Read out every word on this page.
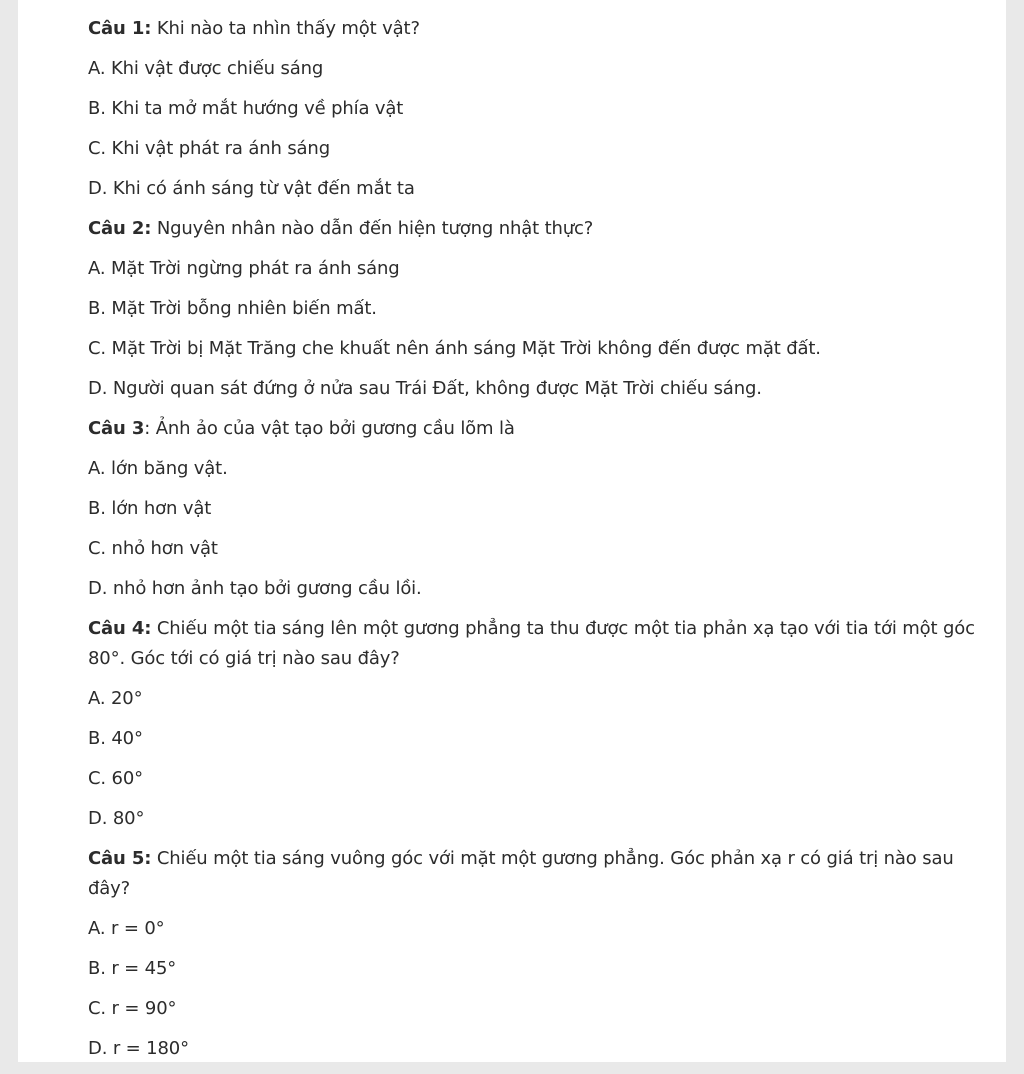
Câu 1: Khi nào ta nhìn thấy một vật?

A. Khi vật được chiếu sáng

B. Khi ta mở mắt hướng về phía vật

C. Khi vật phát ra ánh sáng

D. Khi có ánh sáng từ vật đến mắt ta

Câu 2: Nguyên nhân nào dẫn đến hiện tượng nhật thực?

A. Mặt Trời ngừng phát ra ánh sáng

B. Mặt Trời bỗng nhiên biến mất.

C. Mặt Trời bị Mặt Trăng che khuất nên ánh sáng Mặt Trời không đến được mặt đất.

D. Người quan sát đứng ở nửa sau Trái Đất, không được Mặt Trời chiếu sáng.

Câu 3: Ảnh ảo của vật tạo bởi gương cầu lõm là

A. lớn băng vật.

B. lớn hơn vật

C. nhỏ hơn vật

D. nhỏ hơn ảnh tạo bởi gương cầu lồi.

Câu 4: Chiếu một tia sáng lên một gương phẳng ta thu được một tia phản xạ tạo với tia tới một góc 80°. Góc tới có giá trị nào sau đây?

A. 20°

B. 40°

C. 60°

D. 80°

Câu 5: Chiếu một tia sáng vuông góc với mặt một gương phẳng. Góc phản xạ r có giá trị nào sau đây?

A. r = 0°

B. r = 45°

C. r = 90°

D. r = 180°
